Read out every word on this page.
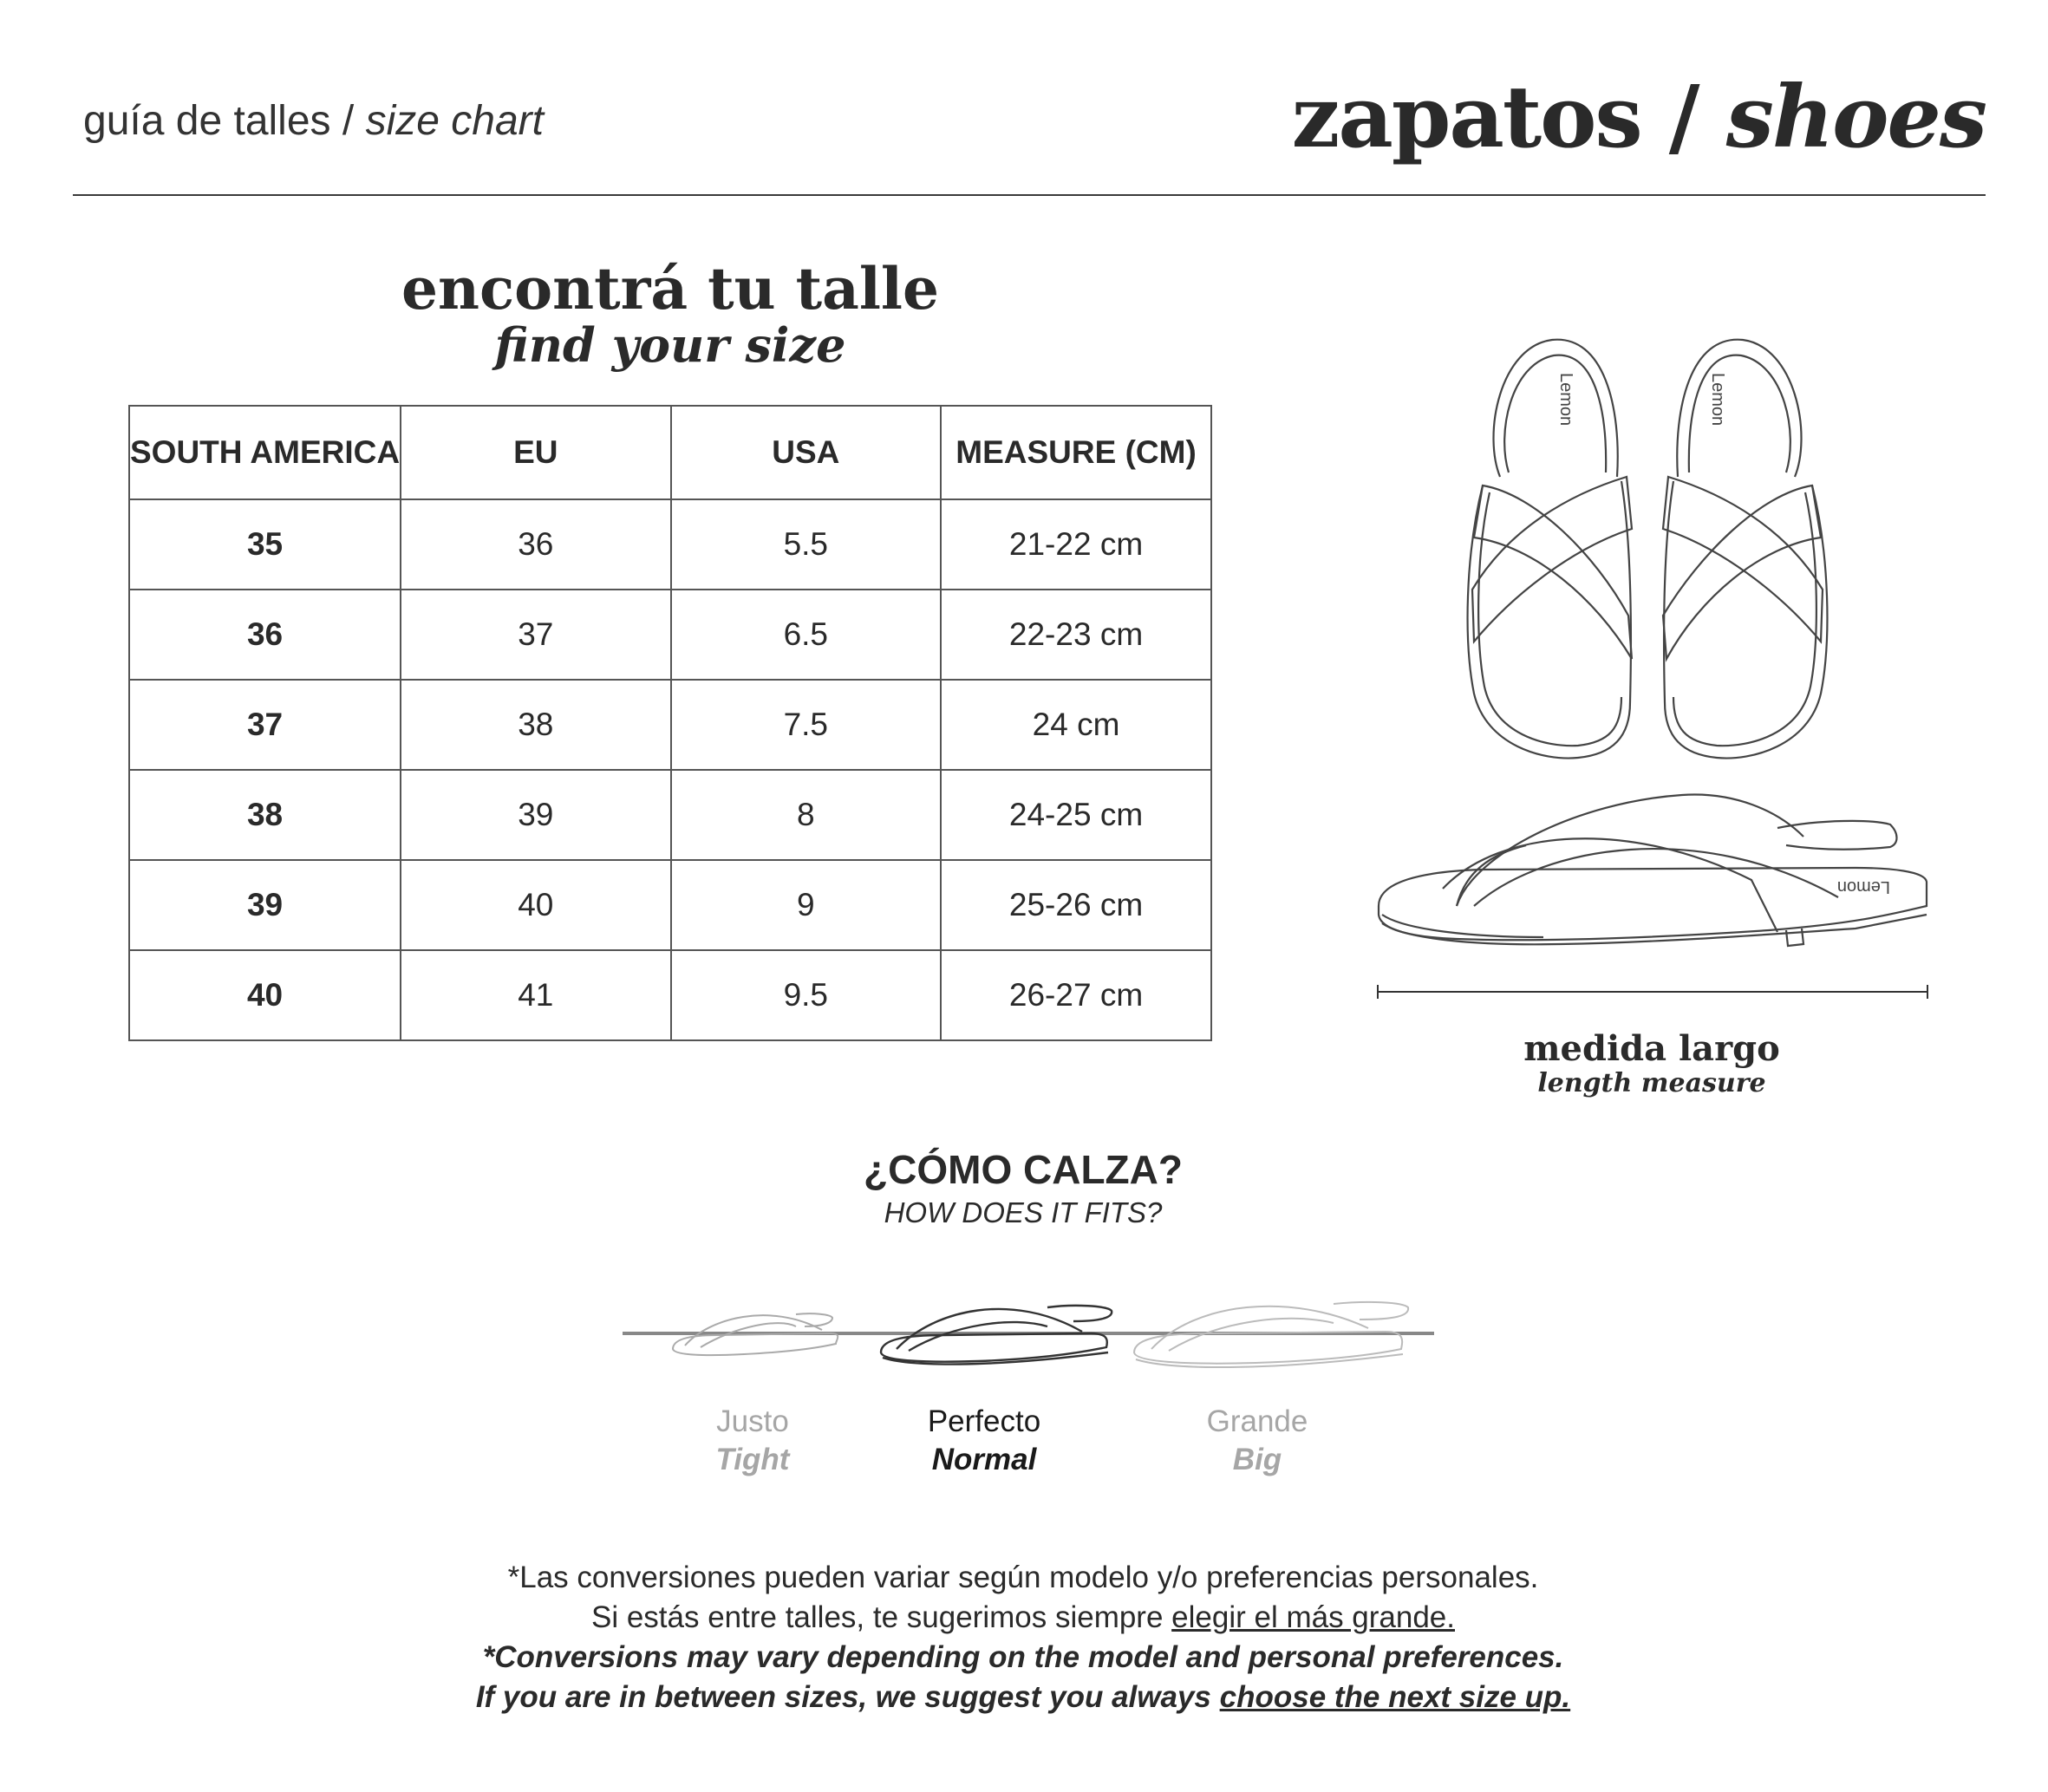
guía de talles / size chart	zapatos / shoes
encontrá tu talle
find your size
SOUTH AMERICA	EU	USA	MEASURE (CM)
35	36	5.5	21-22 cm
36	37	6.5	22-23 cm
37	38	7.5	24 cm
38	39	8	24-25 cm
39	40	9	25-26 cm
40	41	9.5	26-27 cm
Lemon	Lemon
Lemon
medida largo
length measure
¿CÓMO CALZA?
HOW DOES IT FITS?
Justo
Tight
Perfecto
Normal
Grande
Big
*Las conversiones pueden variar según modelo y/o preferencias personales.
Si estás entre talles, te sugerimos siempre elegir el más grande.
*Conversions may vary depending on the model and personal preferences.
If you are in between sizes, we suggest you always choose the next size up.
